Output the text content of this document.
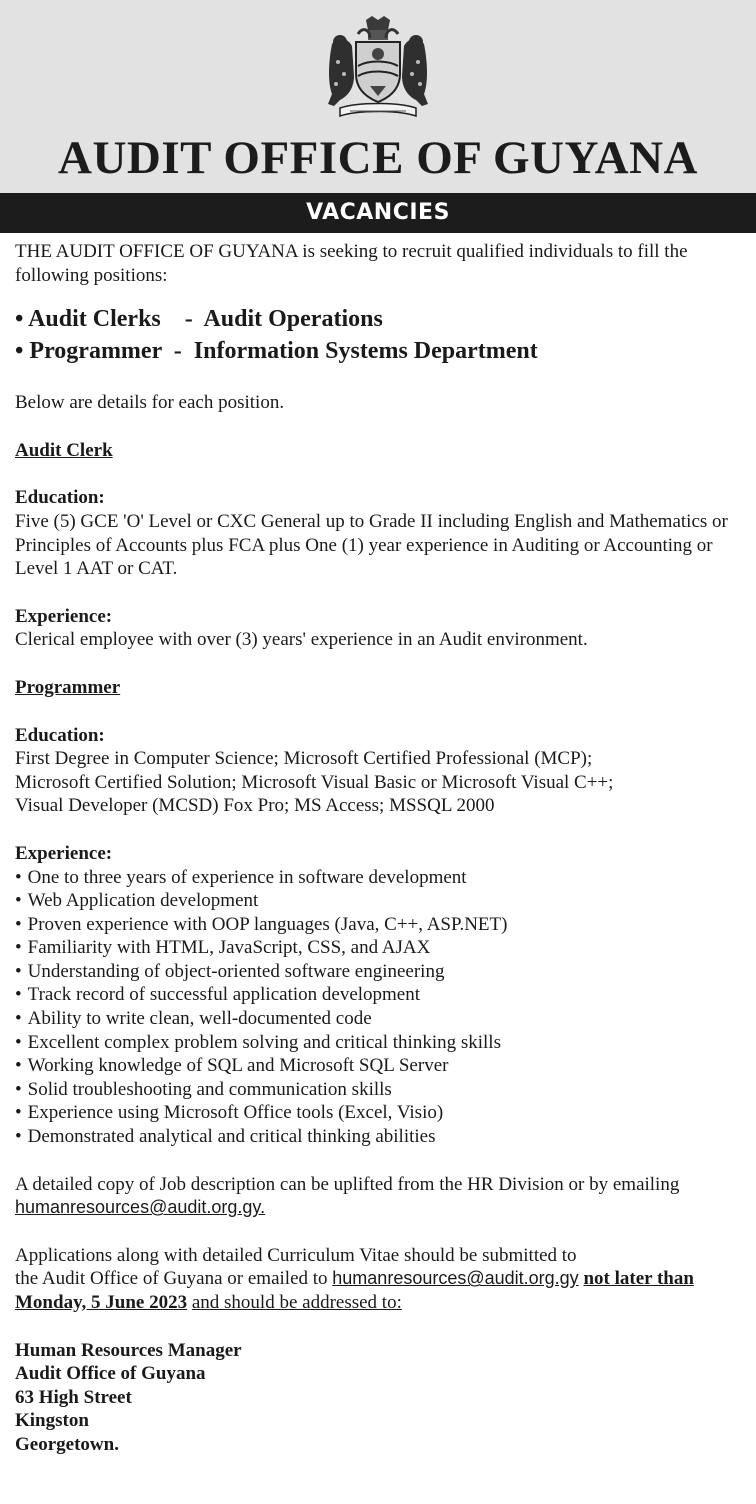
AUDIT OFFICE OF GUYANA
VACANCIES

THE AUDIT OFFICE OF GUYANA is seeking to recruit qualified individuals to fill the following positions:

• Audit Clerks    -  Audit Operations
• Programmer  -  Information Systems Department

Below are details for each position.

Audit Clerk

Education:

Five (5) GCE 'O' Level or CXC General up to Grade II including English and Mathematics or Principles of Accounts plus FCA plus One (1) year experience in Auditing or Accounting or Level 1 AAT or CAT.

Experience:

Clerical employee with over (3) years' experience in an Audit environment.

Programmer

Education:

First Degree in Computer Science; Microsoft Certified Professional (MCP);

Microsoft Certified Solution; Microsoft Visual Basic or Microsoft Visual C++;

Visual Developer (MCSD) Fox Pro; MS Access; MSSQL 2000

Experience:

• One to three years of experience in software development
• Web Application development
• Proven experience with OOP languages (Java, C++, ASP.NET)
• Familiarity with HTML, JavaScript, CSS, and AJAX
• Understanding of object-oriented software engineering
• Track record of successful application development
• Ability to write clean, well-documented code
• Excellent complex problem solving and critical thinking skills
• Working knowledge of SQL and Microsoft SQL Server
• Solid troubleshooting and communication skills
• Experience using Microsoft Office tools (Excel, Visio)
• Demonstrated analytical and critical thinking abilities

A detailed copy of Job description can be uplifted from the HR Division or by emailing humanresources@audit.org.gy.

Applications along with detailed Curriculum Vitae should be submitted to

the Audit Office of Guyana or emailed to humanresources@audit.org.gy not later than Monday, 5 June 2023 and should be addressed to:

Human Resources Manager

Audit Office of Guyana

63 High Street

Kingston

Georgetown.
